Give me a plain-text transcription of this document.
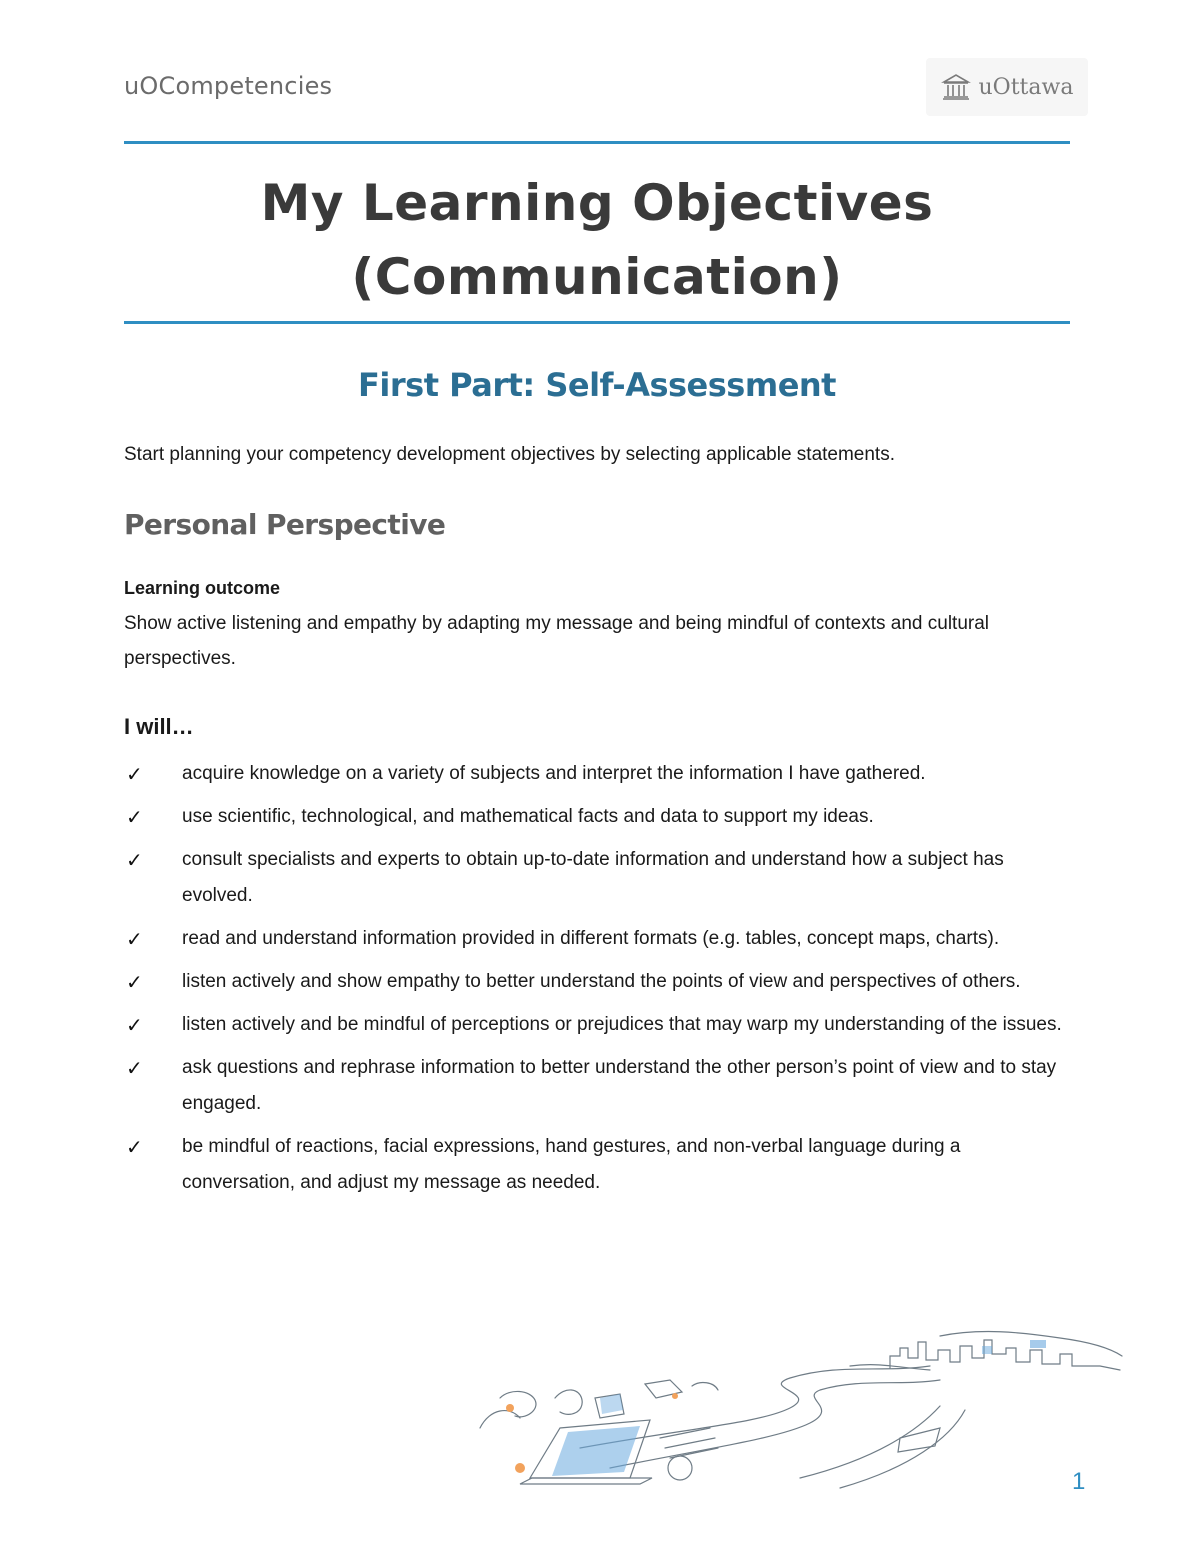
uOCompetencies	uOttawa
My Learning Objectives
(Communication)
First Part: Self-Assessment
Start planning your competency development objectives by selecting applicable statements.
Personal Perspective
Learning outcome
Show active listening and empathy by adapting my message and being mindful of contexts and cultural perspectives.
I will…
✓	acquire knowledge on a variety of subjects and interpret the information I have gathered.
✓	use scientific, technological, and mathematical facts and data to support my ideas.
✓	consult specialists and experts to obtain up-to-date information and understand how a subject has evolved.
✓	read and understand information provided in different formats (e.g. tables, concept maps, charts).
✓	listen actively and show empathy to better understand the points of view and perspectives of others.
✓	listen actively and be mindful of perceptions or prejudices that may warp my understanding of the issues.
✓	ask questions and rephrase information to better understand the other person’s point of view and to stay engaged.
✓	be mindful of reactions, facial expressions, hand gestures, and non-verbal language during a conversation, and adjust my message as needed.
1
